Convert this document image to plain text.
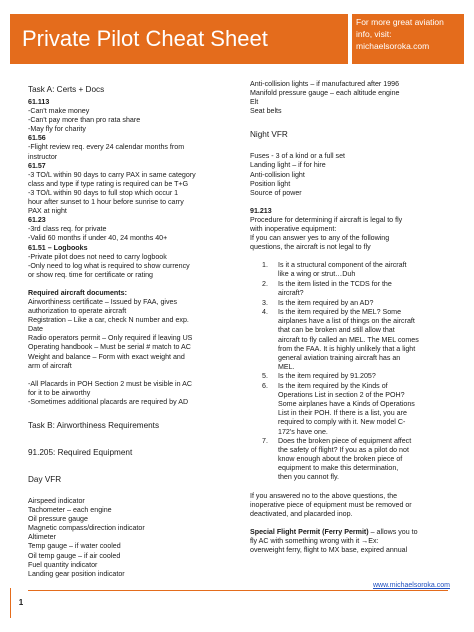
Private Pilot Cheat Sheet
For more great aviation
info, visit:
michaelsoroka.com
Task A: Certs + Docs
61.113
-Can't make money
-Can't pay more than pro rata share
-May fly for charity
61.56
-Flight review req. every 24 calendar months from
instructor
61.57
-3 TO/L within 90 days to carry PAX in same category
class and type if type rating is required can be T+G
-3 TO/L within 90 days to full stop which occur 1
hour after sunset to 1 hour before sunrise to carry
PAX at night
61.23
-3rd class req. for private
-Valid 60 months if under 40, 24 months 40+
61.51 – Logbooks
-Private pilot does not need to carry logbook
-Only need to log what is required to show currency
or show req. time for certificate or rating
Required aircraft documents:
Airworthiness certificate – Issued by FAA, gives
authorization to operate aircraft
Registration – Like a car, check N number and exp.
Date
Radio operators permit – Only required if leaving US
Operating handbook – Must be serial # match to AC
Weight and balance – Form with exact weight and
arm of aircraft
-All Placards in POH Section 2 must be visible in AC
for it to be airworthy
-Sometimes additional placards are required by AD
Task B: Airworthiness Requirements
91.205: Required Equipment
Day VFR
Airspeed indicator
Tachometer – each engine
Oil pressure gauge
Magnetic compass/direction indicator
Altimeter
Temp gauge – if water cooled
Oil temp gauge – if air cooled
Fuel quantity indicator
Landing gear position indicator
Anti-collision lights – if manufactured after 1996
Manifold pressure gauge – each altitude engine
Elt
Seat belts
Night VFR
Fuses - 3 of a kind or a full set
Landing light – if for hire
Anti-collision light
Position light
Source of power
91.213
Procedure for determining if aircraft is legal to fly
with inoperative equipment:
If you can answer yes to any of the following
questions, the aircraft is not legal to fly
1.	Is it a structural component of the aircraft
like a wing or strut…Duh
2.	Is the item listed in the TCDS for the
aircraft?
3.	Is the item required by an AD?
4.	Is the item required by the MEL? Some
airplanes have a list of things on the aircraft
that can be broken and still allow that
aircraft to fly called an MEL. The MEL comes
from the FAA. It is highly unlikely that a light
general aviation training aircraft has an
MEL.
5.	Is the item required by 91.205?
6.	Is the item required by the Kinds of
Operations List in section 2 of the POH?
Some airplanes have a Kinds of Operations
List in their POH. If there is a list, you are
required to comply with it. New model C-
172's have one.
7.	Does the broken piece of equipment affect
the safety of flight? If you as a pilot do not
know enough about the broken piece of
equipment to make this determination,
then you cannot fly.
If you answered no to the above questions, the
inoperative piece of equipment must be removed or
deactivated, and placarded inop.
Special Flight Permit (Ferry Permit) – allows you to
fly AC with something wrong with it →Ex:
overweight ferry, flight to MX base, expired annual
1
www.michaelsoroka.com
